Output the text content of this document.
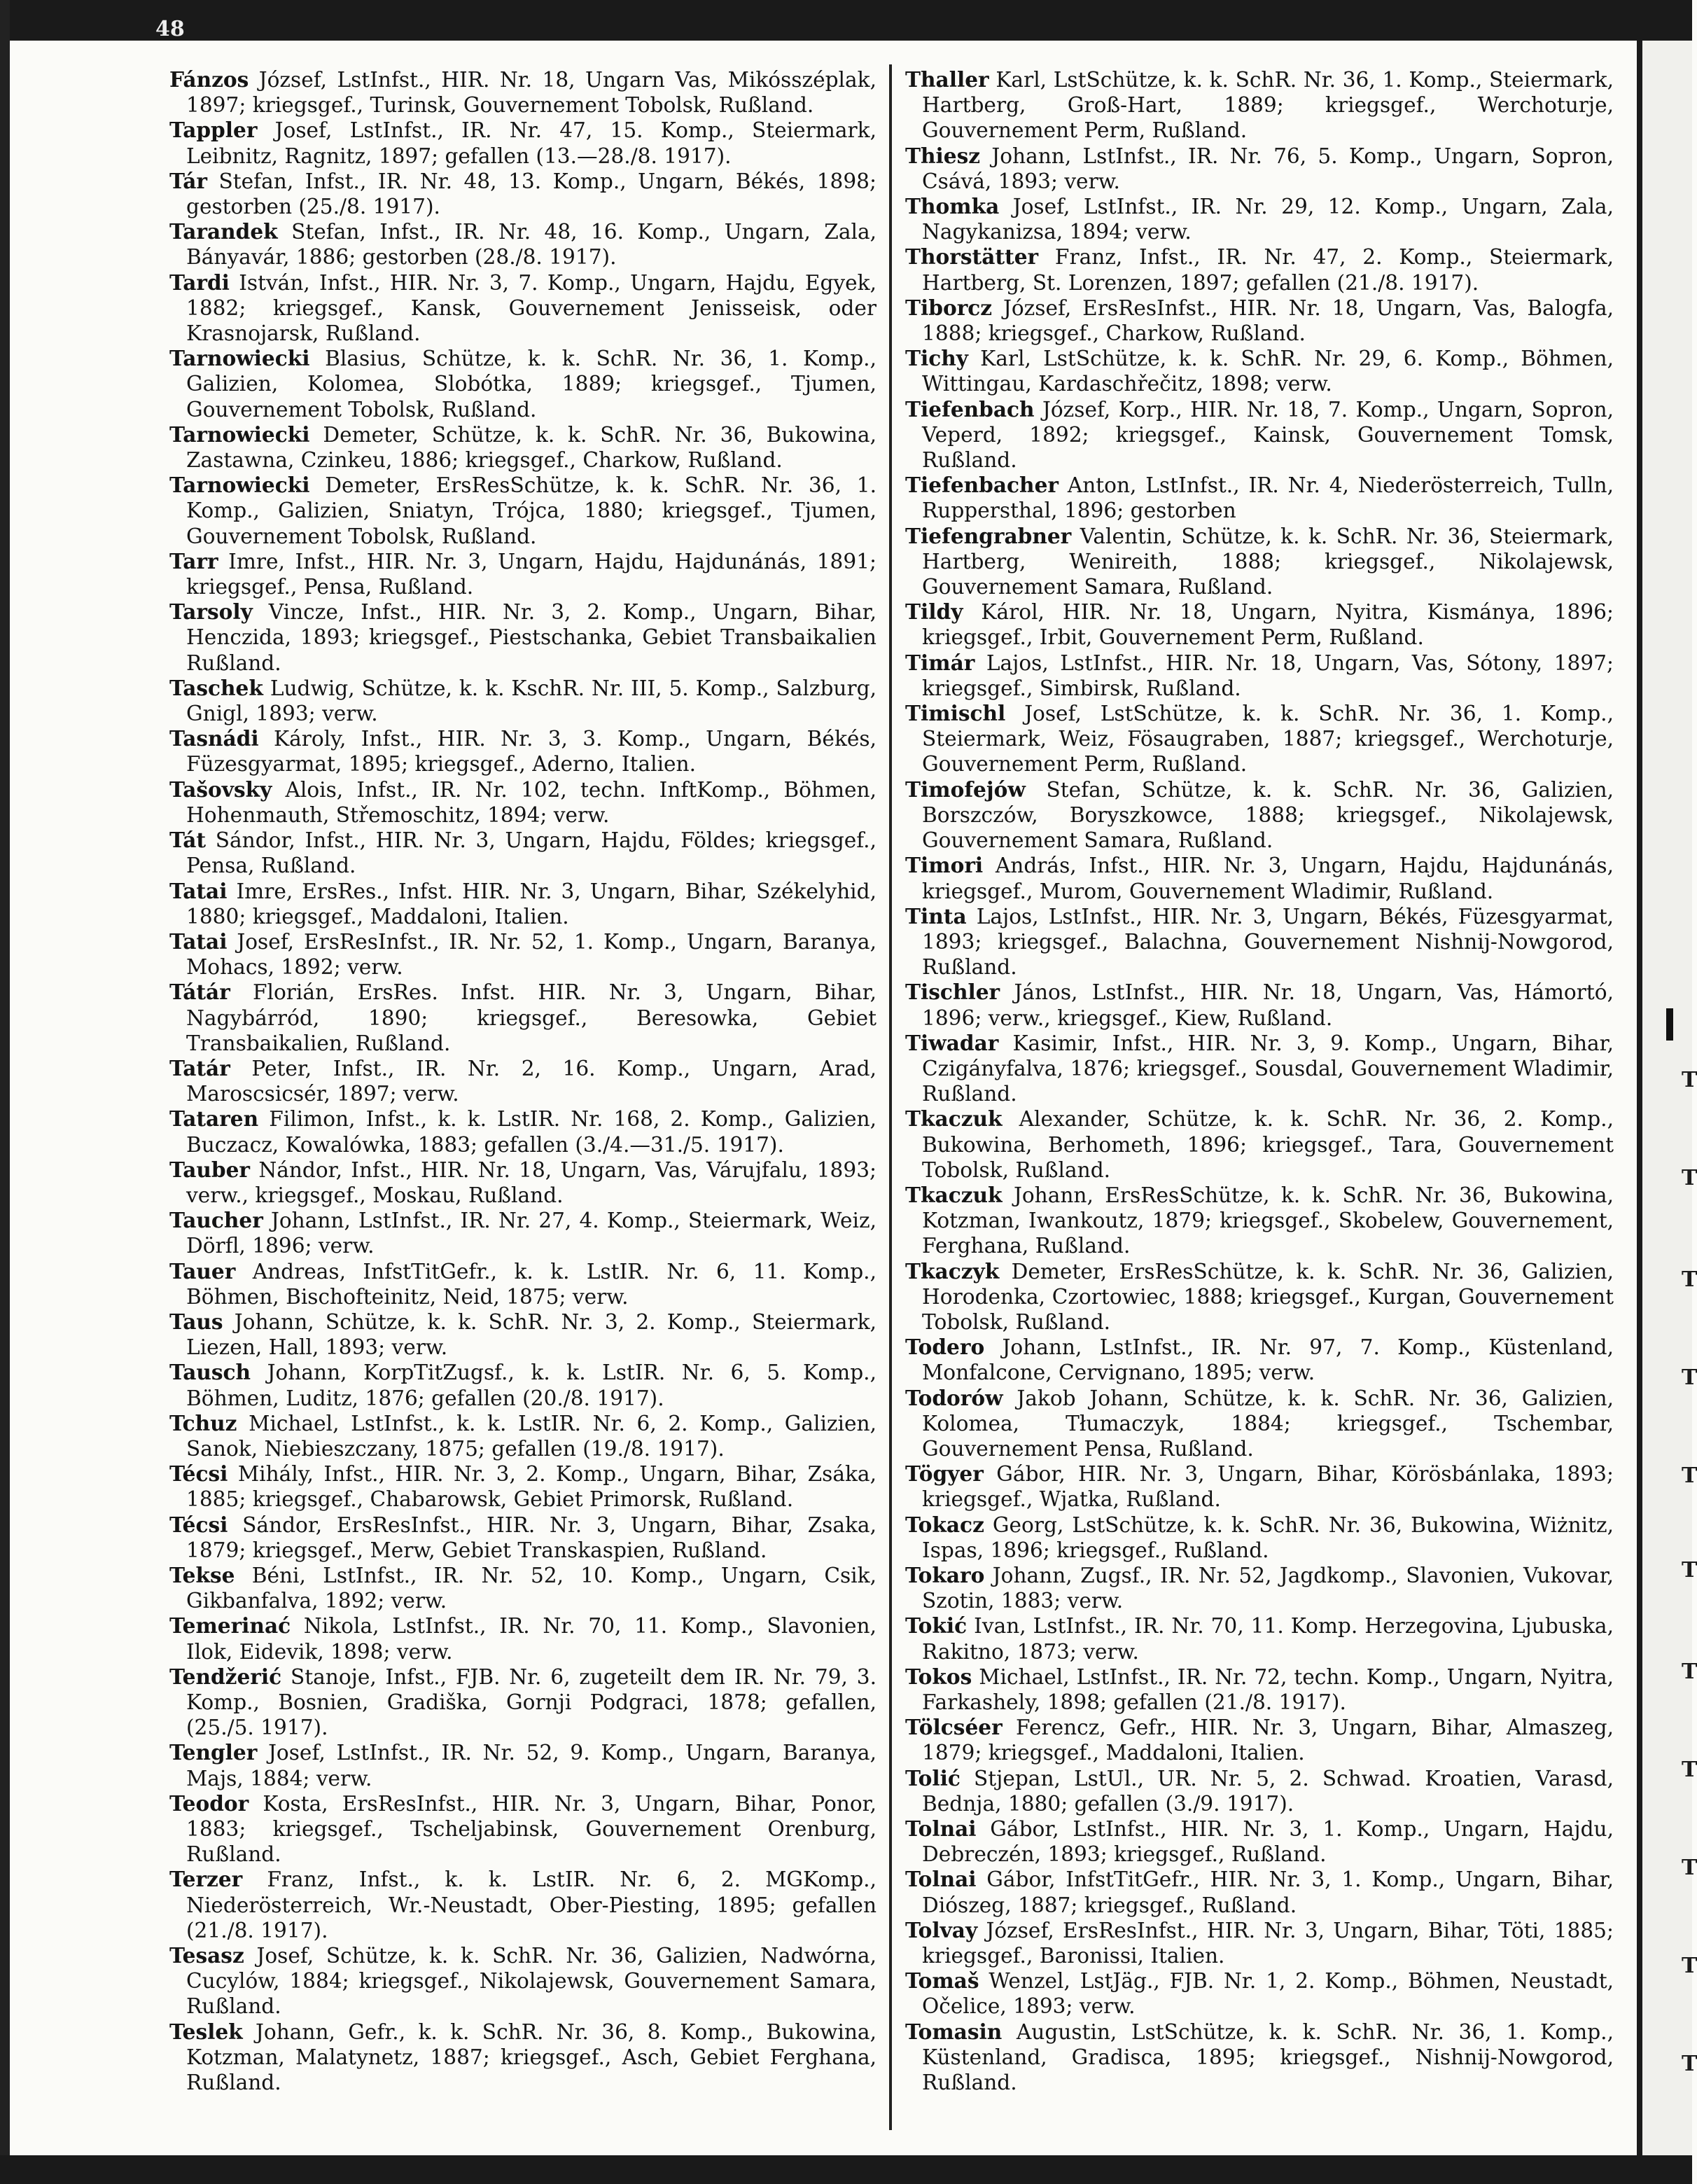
48

Fánzos József, LstInfst., HIR. Nr. 18, Ungarn Vas, Mikósszéplak, 1897; kriegsgef., Turinsk, Gouvernement Tobolsk, Rußland.

Tappler Josef, LstInfst., IR. Nr. 47, 15. Komp., Steiermark, Leibnitz, Ragnitz, 1897; gefallen (13.—28./8. 1917).

Tár Stefan, Infst., IR. Nr. 48, 13. Komp., Ungarn, Békés, 1898; gestorben (25./8. 1917).

Tarandek Stefan, Infst., IR. Nr. 48, 16. Komp., Ungarn, Zala, Bányavár, 1886; gestorben (28./8. 1917).

Tardi István, Infst., HIR. Nr. 3, 7. Komp., Ungarn, Hajdu, Egyek, 1882; kriegsgef., Kansk, Gouvernement Jenisseisk, oder Krasnojarsk, Rußland.

Tarnowiecki Blasius, Schütze, k. k. SchR. Nr. 36, 1. Komp., Galizien, Kolomea, Slobótka, 1889; kriegsgef., Tjumen, Gouvernement Tobolsk, Rußland.

Tarnowiecki Demeter, Schütze, k. k. SchR. Nr. 36, Bukowina, Zastawna, Czinkeu, 1886; kriegsgef., Charkow, Rußland.

Tarnowiecki Demeter, ErsResSchütze, k. k. SchR. Nr. 36, 1. Komp., Galizien, Sniatyn, Trójca, 1880; kriegsgef., Tjumen, Gouvernement Tobolsk, Rußland.

Tarr Imre, Infst., HIR. Nr. 3, Ungarn, Hajdu, Hajdunánás, 1891; kriegsgef., Pensa, Rußland.

Tarsoly Vincze, Infst., HIR. Nr. 3, 2. Komp., Ungarn, Bihar, Henczida, 1893; kriegsgef., Piestschanka, Gebiet Transbaikalien Rußland.

Taschek Ludwig, Schütze, k. k. KschR. Nr. III, 5. Komp., Salzburg, Gnigl, 1893; verw.

Tasnádi Károly, Infst., HIR. Nr. 3, 3. Komp., Ungarn, Békés, Füzesgyarmat, 1895; kriegsgef., Aderno, Italien.

Tašovsky Alois, Infst., IR. Nr. 102, techn. InftKomp., Böhmen, Hohenmauth, Střemoschitz, 1894; verw.

Tát Sándor, Infst., HIR. Nr. 3, Ungarn, Hajdu, Földes; kriegsgef., Pensa, Rußland.

Tatai Imre, ErsRes., Infst. HIR. Nr. 3, Ungarn, Bihar, Székelyhid, 1880; kriegsgef., Maddaloni, Italien.

Tatai Josef, ErsResInfst., IR. Nr. 52, 1. Komp., Ungarn, Baranya, Mohacs, 1892; verw.

Tátár Florián, ErsRes. Infst. HIR. Nr. 3, Ungarn, Bihar, Nagybárród, 1890; kriegsgef., Beresowka, Gebiet Transbaikalien, Rußland.

Tatár Peter, Infst., IR. Nr. 2, 16. Komp., Ungarn, Arad, Maroscsicsér, 1897; verw.

Tataren Filimon, Infst., k. k. LstIR. Nr. 168, 2. Komp., Galizien, Buczacz, Kowalówka, 1883; gefallen (3./4.—31./5. 1917).

Tauber Nándor, Infst., HIR. Nr. 18, Ungarn, Vas, Várujfalu, 1893; verw., kriegsgef., Moskau, Rußland.

Taucher Johann, LstInfst., IR. Nr. 27, 4. Komp., Steiermark, Weiz, Dörfl, 1896; verw.

Tauer Andreas, InfstTitGefr., k. k. LstIR. Nr. 6, 11. Komp., Böhmen, Bischofteinitz, Neid, 1875; verw.

Taus Johann, Schütze, k. k. SchR. Nr. 3, 2. Komp., Steiermark, Liezen, Hall, 1893; verw.

Tausch Johann, KorpTitZugsf., k. k. LstIR. Nr. 6, 5. Komp., Böhmen, Luditz, 1876; gefallen (20./8. 1917).

Tchuz Michael, LstInfst., k. k. LstIR. Nr. 6, 2. Komp., Galizien, Sanok, Niebieszczany, 1875; gefallen (19./8. 1917).

Técsi Mihály, Infst., HIR. Nr. 3, 2. Komp., Ungarn, Bihar, Zsáka, 1885; kriegsgef., Chabarowsk, Gebiet Primorsk, Rußland.

Técsi Sándor, ErsResInfst., HIR. Nr. 3, Ungarn, Bihar, Zsaka, 1879; kriegsgef., Merw, Gebiet Transkaspien, Rußland.

Tekse Béni, LstInfst., IR. Nr. 52, 10. Komp., Ungarn, Csik, Gikbanfalva, 1892; verw.

Temerinać Nikola, LstInfst., IR. Nr. 70, 11. Komp., Slavonien, Ilok, Eidevik, 1898; verw.

Tendžerić Stanoje, Infst., FJB. Nr. 6, zugeteilt dem IR. Nr. 79, 3. Komp., Bosnien, Gradiška, Gornji Podgraci, 1878; gefallen, (25./5. 1917).

Tengler Josef, LstInfst., IR. Nr. 52, 9. Komp., Ungarn, Baranya, Majs, 1884; verw.

Teodor Kosta, ErsResInfst., HIR. Nr. 3, Ungarn, Bihar, Ponor, 1883; kriegsgef., Tscheljabinsk, Gouvernement Orenburg, Rußland.

Terzer Franz, Infst., k. k. LstIR. Nr. 6, 2. MGKomp., Niederösterreich, Wr.-Neustadt, Ober-Piesting, 1895; gefallen (21./8. 1917).

Tesasz Josef, Schütze, k. k. SchR. Nr. 36, Galizien, Nadwórna, Cucylów, 1884; kriegsgef., Nikolajewsk, Gouvernement Samara, Rußland.

Teslek Johann, Gefr., k. k. SchR. Nr. 36, 8. Komp., Bukowina, Kotzman, Malatynetz, 1887; kriegsgef., Asch, Gebiet Ferghana, Rußland.

Thaller Karl, LstSchütze, k. k. SchR. Nr. 36, 1. Komp., Steiermark, Hartberg, Groß-Hart, 1889; kriegsgef., Werchoturje, Gouvernement Perm, Rußland.

Thiesz Johann, LstInfst., IR. Nr. 76, 5. Komp., Ungarn, Sopron, Csává, 1893; verw.

Thomka Josef, LstInfst., IR. Nr. 29, 12. Komp., Ungarn, Zala, Nagykanizsa, 1894; verw.

Thorstätter Franz, Infst., IR. Nr. 47, 2. Komp., Steiermark, Hartberg, St. Lorenzen, 1897; gefallen (21./8. 1917).

Tiborcz József, ErsResInfst., HIR. Nr. 18, Ungarn, Vas, Balogfa, 1888; kriegsgef., Charkow, Rußland.

Tichy Karl, LstSchütze, k. k. SchR. Nr. 29, 6. Komp., Böhmen, Wittingau, Kardaschřečitz, 1898; verw.

Tiefenbach József, Korp., HIR. Nr. 18, 7. Komp., Ungarn, Sopron, Veperd, 1892; kriegsgef., Kainsk, Gouvernement Tomsk, Rußland.

Tiefenbacher Anton, LstInfst., IR. Nr. 4, Niederösterreich, Tulln, Ruppersthal, 1896; gestorben

Tiefengrabner Valentin, Schütze, k. k. SchR. Nr. 36, Steiermark, Hartberg, Wenireith, 1888; kriegsgef., Nikolajewsk, Gouvernement Samara, Rußland.

Tildy Károl, HIR. Nr. 18, Ungarn, Nyitra, Kismánya, 1896; kriegsgef., Irbit, Gouvernement Perm, Rußland.

Timár Lajos, LstInfst., HIR. Nr. 18, Ungarn, Vas, Sótony, 1897; kriegsgef., Simbirsk, Rußland.

Timischl Josef, LstSchütze, k. k. SchR. Nr. 36, 1. Komp., Steiermark, Weiz, Fösaugraben, 1887; kriegsgef., Werchoturje, Gouvernement Perm, Rußland.

Timofejów Stefan, Schütze, k. k. SchR. Nr. 36, Galizien, Borszczów, Boryszkowce, 1888; kriegsgef., Nikolajewsk, Gouvernement Samara, Rußland.

Timori András, Infst., HIR. Nr. 3, Ungarn, Hajdu, Hajdunánás, kriegsgef., Murom, Gouvernement Wladimir, Rußland.

Tinta Lajos, LstInfst., HIR. Nr. 3, Ungarn, Békés, Füzesgyarmat, 1893; kriegsgef., Balachna, Gouvernement Nishnij-Nowgorod, Rußland.

Tischler János, LstInfst., HIR. Nr. 18, Ungarn, Vas, Hámortó, 1896; verw., kriegsgef., Kiew, Rußland.

Tiwadar Kasimir, Infst., HIR. Nr. 3, 9. Komp., Ungarn, Bihar, Czigányfalva, 1876; kriegsgef., Sousdal, Gouvernement Wladimir, Rußland.

Tkaczuk Alexander, Schütze, k. k. SchR. Nr. 36, 2. Komp., Bukowina, Berhometh, 1896; kriegsgef., Tara, Gouvernement Tobolsk, Rußland.

Tkaczuk Johann, ErsResSchütze, k. k. SchR. Nr. 36, Bukowina, Kotzman, Iwankoutz, 1879; kriegsgef., Skobelew, Gouvernement, Ferghana, Rußland.

Tkaczyk Demeter, ErsResSchütze, k. k. SchR. Nr. 36, Galizien, Horodenka, Czortowiec, 1888; kriegsgef., Kurgan, Gouvernement Tobolsk, Rußland.

Todero Johann, LstInfst., IR. Nr. 97, 7. Komp., Küstenland, Monfalcone, Cervignano, 1895; verw.

Todorów Jakob Johann, Schütze, k. k. SchR. Nr. 36, Galizien, Kolomea, Tłumaczyk, 1884; kriegsgef., Tschembar, Gouvernement Pensa, Rußland.

Tögyer Gábor, HIR. Nr. 3, Ungarn, Bihar, Körösbánlaka, 1893; kriegsgef., Wjatka, Rußland.

Tokacz Georg, LstSchütze, k. k. SchR. Nr. 36, Bukowina, Wiżnitz, Ispas, 1896; kriegsgef., Rußland.

Tokaro Johann, Zugsf., IR. Nr. 52, Jagdkomp., Slavonien, Vukovar, Szotin, 1883; verw.

Tokić Ivan, LstInfst., IR. Nr. 70, 11. Komp. Herzegovina, Ljubuska, Rakitno, 1873; verw.

Tokos Michael, LstInfst., IR. Nr. 72, techn. Komp., Ungarn, Nyitra, Farkashely, 1898; gefallen (21./8. 1917).

Tölcséer Ferencz, Gefr., HIR. Nr. 3, Ungarn, Bihar, Almaszeg, 1879; kriegsgef., Maddaloni, Italien.

Tolić Stjepan, LstUl., UR. Nr. 5, 2. Schwad. Kroatien, Varasd, Bednja, 1880; gefallen (3./9. 1917).

Tolnai Gábor, LstInfst., HIR. Nr. 3, 1. Komp., Ungarn, Hajdu, Debreczén, 1893; kriegsgef., Rußland.

Tolnai Gábor, InfstTitGefr., HIR. Nr. 3, 1. Komp., Ungarn, Bihar, Diószeg, 1887; kriegsgef., Rußland.

Tolvay József, ErsResInfst., HIR. Nr. 3, Ungarn, Bihar, Töti, 1885; kriegsgef., Baronissi, Italien.

Tomaš Wenzel, LstJäg., FJB. Nr. 1, 2. Komp., Böhmen, Neustadt, Očelice, 1893; verw.

Tomasin Augustin, LstSchütze, k. k. SchR. Nr. 36, 1. Komp., Küstenland, Gradisca, 1895; kriegsgef., Nishnij-Nowgorod, Rußland.

T
T
T
T
T
T
T
T
T
T
T
